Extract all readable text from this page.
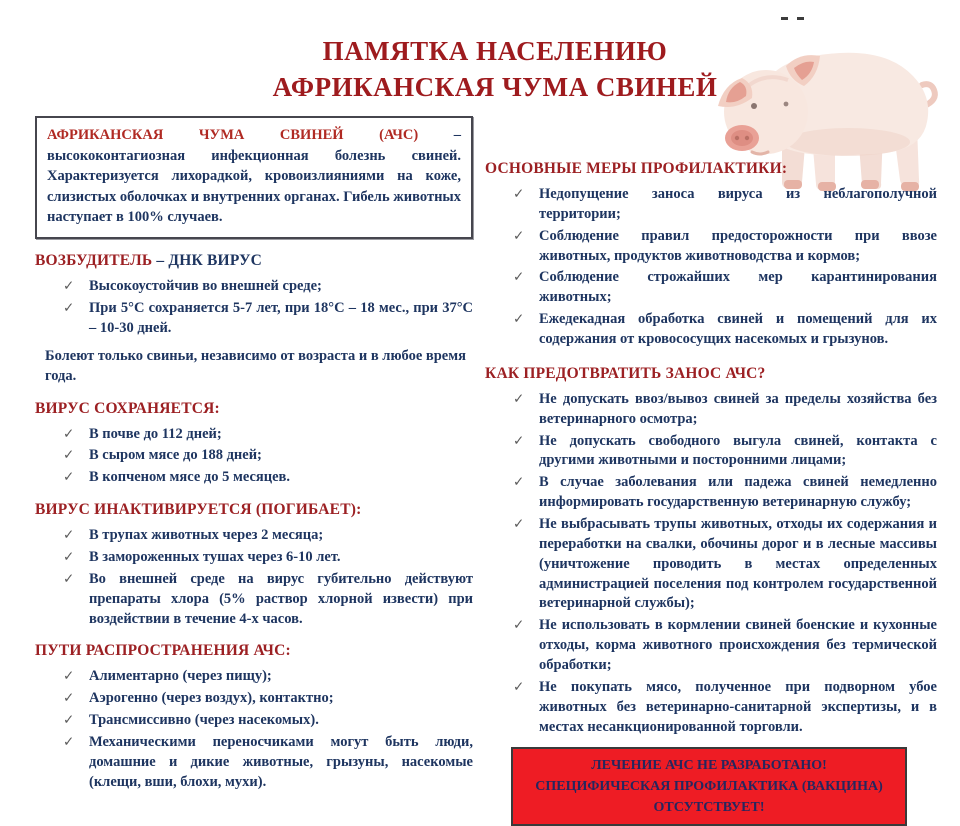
ПАМЯТКА НАСЕЛЕНИЮ
АФРИКАНСКАЯ ЧУМА СВИНЕЙ
АФРИКАНСКАЯ ЧУМА СВИНЕЙ (АЧС) – высококонтагиозная инфекционная болезнь свиней. Характеризуется лихорадкой, кровоизлияниями на коже, слизистых оболочках и внутренних органах. Гибель животных наступает в 100% случаев.
ВОЗБУДИТЕЛЬ – ДНК ВИРУС
✓ Высокоустойчив во внешней среде;
✓ При 5°С сохраняется 5-7 лет, при 18°С – 18 мес., при 37°С – 10-30 дней.
Болеют только свиньи, независимо от возраста и в любое время года.
ВИРУС СОХРАНЯЕТСЯ:
✓ В почве до 112 дней;
✓ В сыром мясе до 188 дней;
✓ В копченом мясе до 5 месяцев.
ВИРУС ИНАКТИВИРУЕТСЯ (ПОГИБАЕТ):
✓ В трупах животных через 2 месяца;
✓ В замороженных тушах через 6-10 лет.
✓ Во внешней среде на вирус губительно действуют препараты хлора (5% раствор хлорной извести) при воздействии в течение 4-х часов.
ПУТИ РАСПРОСТРАНЕНИЯ АЧС:
✓ Алиментарно (через пищу);
✓ Аэрогенно (через воздух), контактно;
✓ Трансмиссивно (через насекомых).
✓ Механическими переносчиками могут быть люди, домашние и дикие животные, грызуны, насекомые (клещи, вши, блохи, мухи).
ОСНОВНЫЕ МЕРЫ ПРОФИЛАКТИКИ:
✓ Недопущение заноса вируса из неблагополучной территории;
✓ Соблюдение правил предосторожности при ввозе животных, продуктов животноводства и кормов;
✓ Соблюдение строжайших мер карантинирования животных;
✓ Ежедекадная обработка свиней и помещений для их содержания от кровососущих насекомых и грызунов.
КАК ПРЕДОТВРАТИТЬ ЗАНОС АЧС?
✓ Не допускать ввоз/вывоз свиней за пределы хозяйства без ветеринарного осмотра;
✓ Не допускать свободного выгула свиней, контакта с другими животными и посторонними лицами;
✓ В случае заболевания или падежа свиней немедленно информировать государственную ветеринарную службу;
✓ Не выбрасывать трупы животных, отходы их содержания и переработки на свалки, обочины дорог и в лесные массивы (уничтожение проводить в местах определенных администрацией поселения под контролем государственной ветеринарной службы);
✓ Не использовать в кормлении свиней боенские и кухонные отходы, корма животного происхождения без термической обработки;
✓ Не покупать мясо, полученное при подворном убое животных без ветеринарно-санитарной экспертизы, и в местах несанкционированной торговли.
ЛЕЧЕНИЕ АЧС НЕ РАЗРАБОТАНО!
СПЕЦИФИЧЕСКАЯ ПРОФИЛАКТИКА (ВАКЦИНА)
ОТСУТСТВУЕТ!
